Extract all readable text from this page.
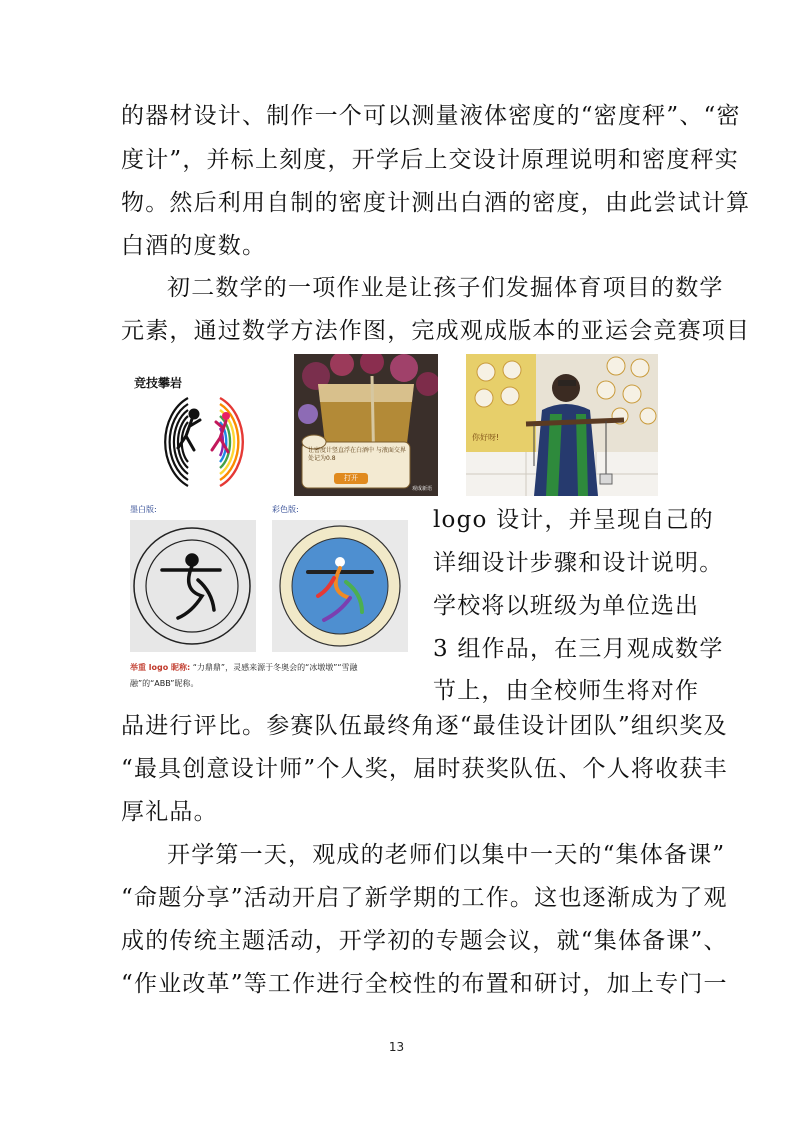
的器材设计、制作一个可以测量液体密度的“密度秤”、“密
度计”，并标上刻度，开学后上交设计原理说明和密度秤实
物。然后利用自制的密度计测出白酒的密度，由此尝试计算
白酒的度数。
初二数学的一项作业是让孩子们发掘体育项目的数学
元素，通过数学方法作图，完成观成版本的亚运会竞赛项目
竞技攀岩
让密度计竖直浮在白酒中 与液面交界处记为0.8
打开
观成新语
你好呀!
墨白版:	彩色版:
举重 logo 昵称: “力鼎鼎”，灵感来源于冬奥会的“冰墩墩”“雪融
融”的“ABB”昵称。
logo 设计，并呈现自己的
详细设计步骤和设计说明。
学校将以班级为单位选出
3 组作品，在三月观成数学
节上，由全校师生将对作
品进行评比。参赛队伍最终角逐“最佳设计团队”组织奖及
“最具创意设计师”个人奖，届时获奖队伍、个人将收获丰
厚礼品。
开学第一天，观成的老师们以集中一天的“集体备课”
“命题分享”活动开启了新学期的工作。这也逐渐成为了观
成的传统主题活动，开学初的专题会议，就“集体备课”、
“作业改革”等工作进行全校性的布置和研讨，加上专门一
13
